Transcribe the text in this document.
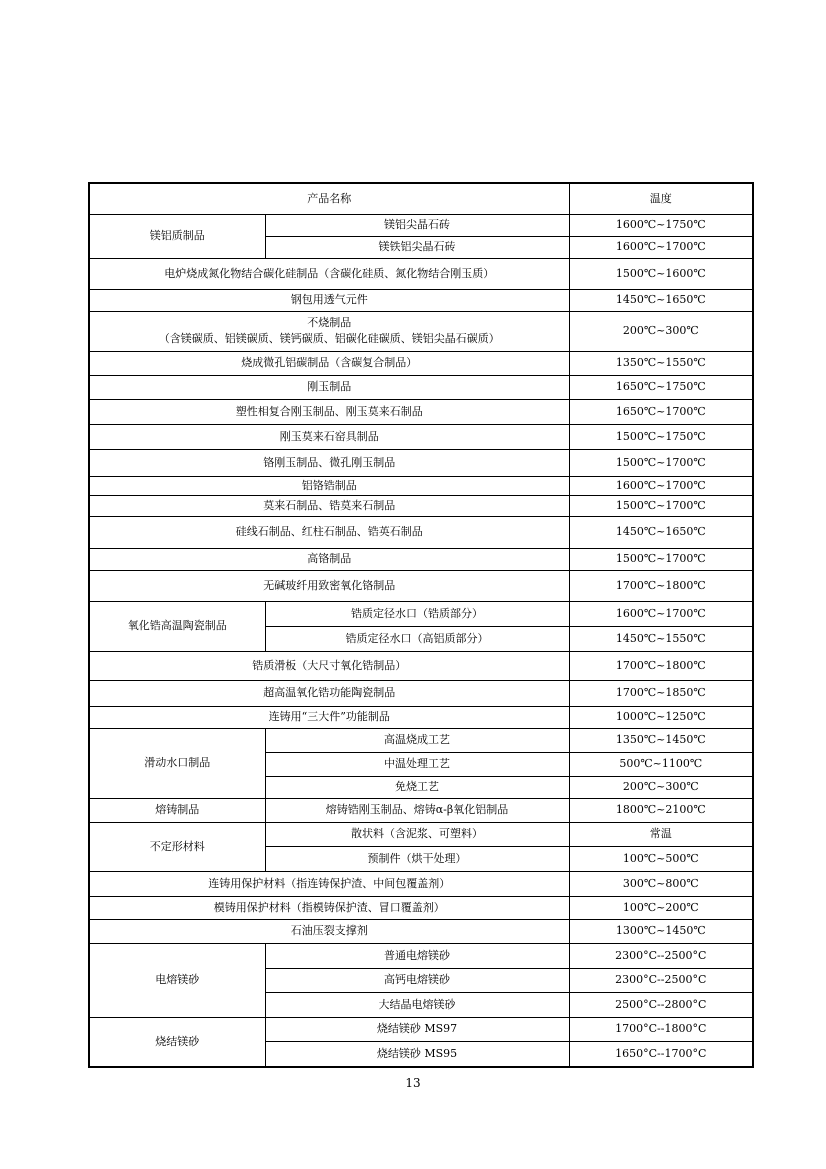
产品名称		温度
镁铝质制品	镁铝尖晶石砖	1600℃~1750℃
	镁铁铝尖晶石砖	1600℃~1700℃
电炉烧成氮化物结合碳化硅制品（含碳化硅质、氮化物结合刚玉质）		1500℃~1600℃
钢包用透气元件		1450℃~1650℃

不烧制品
（含镁碳质、铝镁碳质、镁钙碳质、铝碳化硅碳质、镁铝尖晶石碳质）		200℃~300℃
烧成微孔铝碳制品（含碳复合制品）		1350℃~1550℃
刚玉制品		1650℃~1750℃
塑性相复合刚玉制品、刚玉莫来石制品		1650℃~1700℃
刚玉莫来石窑具制品		1500℃~1750℃
铬刚玉制品、微孔刚玉制品		1500℃~1700℃
铝铬锆制品		1600℃~1700℃
莫来石制品、锆莫来石制品		1500℃~1700℃
硅线石制品、红柱石制品、锆英石制品		1450℃~1650℃
高铬制品		1500℃~1700℃
无碱玻纤用致密氧化铬制品		1700℃~1800℃
氧化锆高温陶瓷制品	锆质定径水口（锆质部分）	1600℃~1700℃
	锆质定径水口（高铝质部分）	1450℃~1550℃
锆质滑板（大尺寸氧化锆制品）		1700℃~1800℃
超高温氧化锆功能陶瓷制品		1700℃~1850℃
连铸用“三大件”功能制品		1000℃~1250℃
滑动水口制品	高温烧成工艺	1350℃~1450℃
	中温处理工艺	500℃~1100℃
	免烧工艺	200℃~300℃
熔铸制品	熔铸锆刚玉制品、熔铸α-β氧化铝制品	1800℃~2100℃
不定形材料	散状料（含泥浆、可塑料）	常温
	预制件（烘干处理）	100℃~500℃
连铸用保护材料（指连铸保护渣、中间包覆盖剂）		300℃~800℃
模铸用保护材料（指模铸保护渣、冒口覆盖剂）		100℃~200℃
石油压裂支撑剂		1300℃~1450℃
电熔镁砂	普通电熔镁砂	2300°C--2500°C
	高钙电熔镁砂	2300°C--2500°C
	大结晶电熔镁砂	2500°C--2800°C
烧结镁砂	烧结镁砂 MS97	1700°C--1800°C
	烧结镁砂 MS95	1650°C--1700°C
13
